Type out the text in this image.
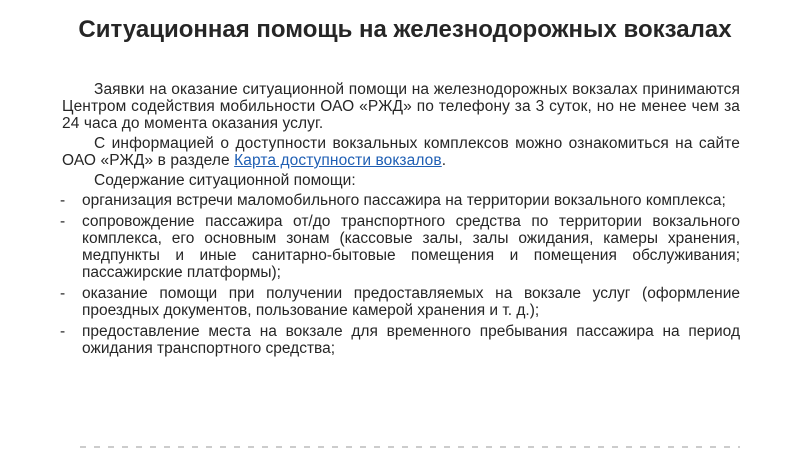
Ситуационная помощь на железнодорожных вокзалах

Заявки на оказание ситуационной помощи на железнодорожных вокзалах принимаются Центром содействия мобильности ОАО «РЖД» по телефону за 3 суток, но не менее чем за 24 часа до момента оказания услуг.

С информацией о доступности вокзальных комплексов можно ознакомиться на сайте ОАО «РЖД» в разделе Карта доступности вокзалов.

Содержание ситуационной помощи:

-	организация встречи маломобильного пассажира на территории вокзального комплекса;
-	сопровождение пассажира от/до транспортного средства по территории вокзального комплекса, его основным зонам (кассовые залы, залы ожидания, камеры хранения, медпункты и иные санитарно-бытовые помещения и помещения обслуживания; пассажирские платформы);
-	оказание помощи при получении предоставляемых на вокзале услуг (оформление проездных документов, пользование камерой хранения и т. д.);
-	предоставление места на вокзале для временного пребывания пассажира на период ожидания транспортного средства;
